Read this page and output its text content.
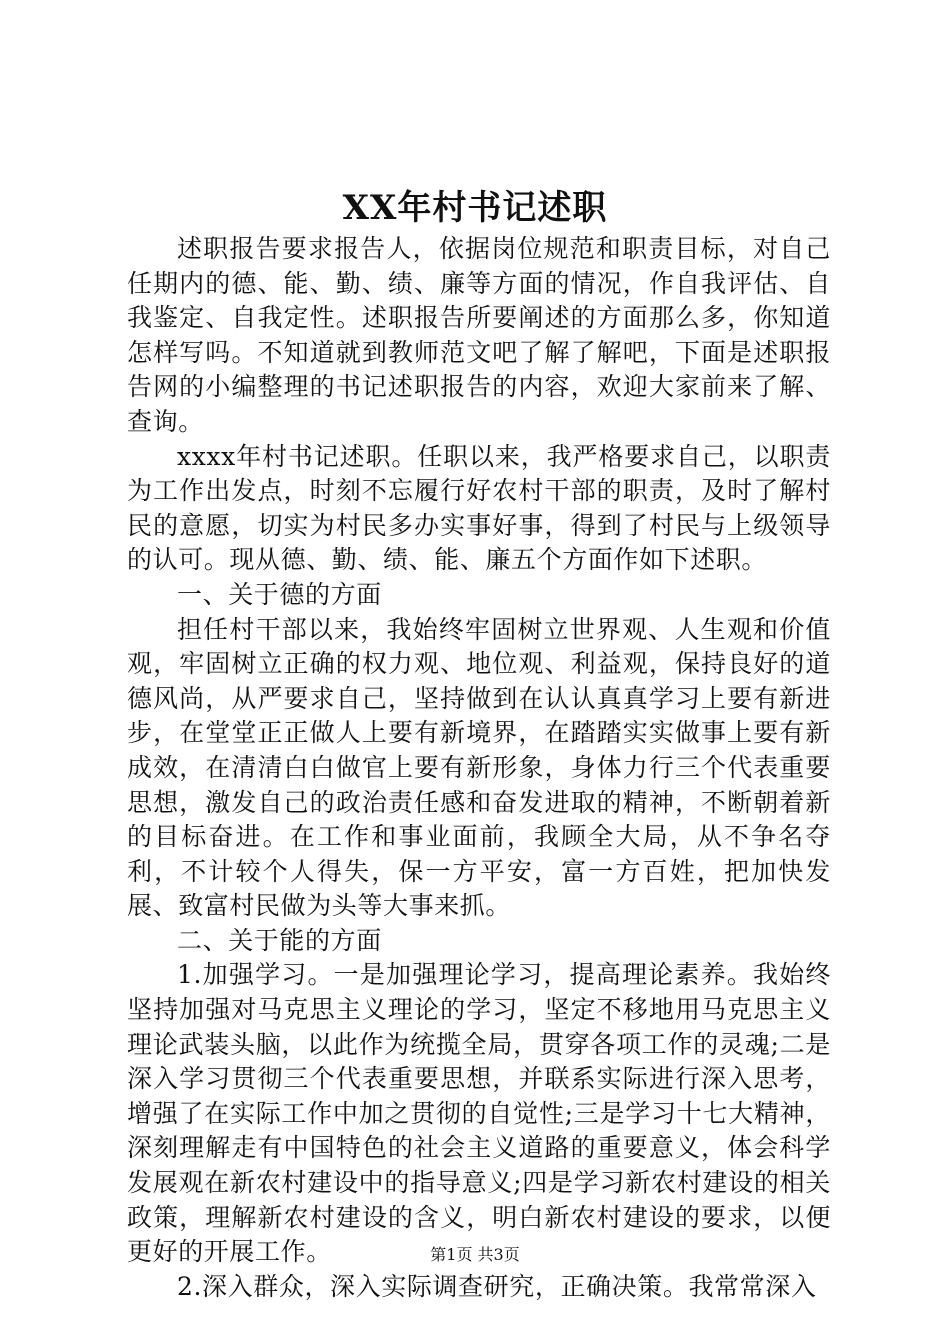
XX年村书记述职

述职报告要求报告人，依据岗位规范和职责目标，对自己任期内的德、能、勤、绩、廉等方面的情况，作自我评估、自我鉴定、自我定性。述职报告所要阐述的方面那么多，你知道怎样写吗。不知道就到教师范文吧了解了解吧，下面是述职报告网的小编整理的书记述职报告的内容，欢迎大家前来了解、查询。

xxxx年村书记述职。任职以来，我严格要求自己，以职责为工作出发点，时刻不忘履行好农村干部的职责，及时了解村民的意愿，切实为村民多办实事好事，得到了村民与上级领导的认可。现从德、勤、绩、能、廉五个方面作如下述职。

一、关于德的方面

担任村干部以来，我始终牢固树立世界观、人生观和价值观，牢固树立正确的权力观、地位观、利益观，保持良好的道德风尚，从严要求自己，坚持做到在认认真真学习上要有新进步，在堂堂正正做人上要有新境界，在踏踏实实做事上要有新成效，在清清白白做官上要有新形象，身体力行三个代表重要思想，激发自己的政治责任感和奋发进取的精神，不断朝着新的目标奋进。在工作和事业面前，我顾全大局，从不争名夺利，不计较个人得失，保一方平安，富一方百姓，把加快发展、致富村民做为头等大事来抓。

二、关于能的方面

1.加强学习。一是加强理论学习，提高理论素养。我始终坚持加强对马克思主义理论的学习，坚定不移地用马克思主义理论武装头脑，以此作为统揽全局，贯穿各项工作的灵魂;二是深入学习贯彻三个代表重要思想，并联系实际进行深入思考，增强了在实际工作中加之贯彻的自觉性;三是学习十七大精神，深刻理解走有中国特色的社会主义道路的重要意义，体会科学发展观在新农村建设中的指导意义;四是学习新农村建设的相关政策，理解新农村建设的含义，明白新农村建设的要求，以便更好的开展工作。

2.深入群众，深入实际调查研究，正确决策。我常常深入

第1页 共3页
